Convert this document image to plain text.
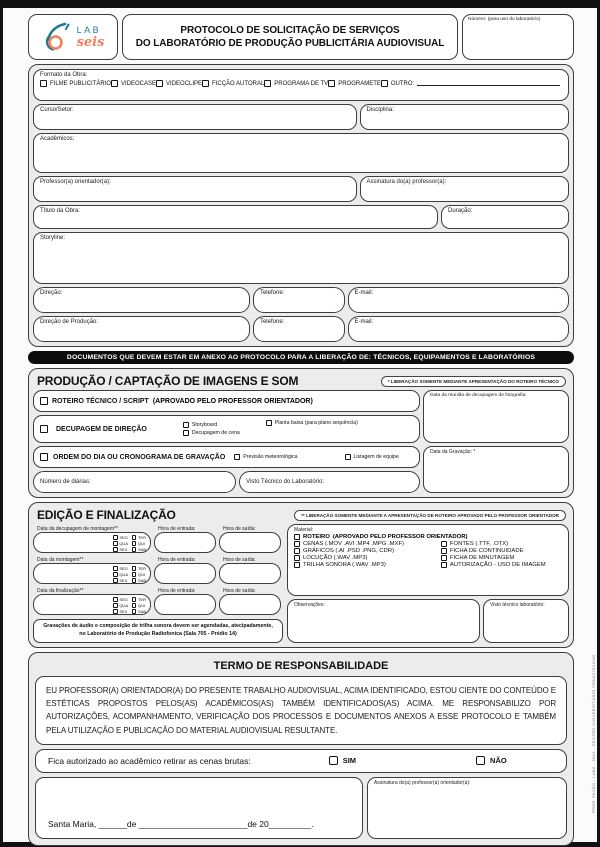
LAB
seis
PROTOCOLO DE SOLICITAÇÃO DE SERVIÇOS
DO LABORATÓRIO DE PRODUÇÃO PUBLICITÁRIA AUDIOVISUAL
Número: (para uso do laboratório)
Formato da Obra:
FILME PUBLICITÁRIO VIDEOCASE VIDEOCLIPE FICÇÃO AUTORAL PROGRAMA DE TV PROGRAMETE OUTRO:
Curso/Setor:	Disciplina:
Acadêmicos:
Professor(a) orientador(a):	Assinatura do(a) professor(a):
Título da Obra:	Duração:
Storyline:
Direção:	Telefone:	E-mail:
Direção de Produção:	Telefone:	E-mail:
DOCUMENTOS QUE DEVEM ESTAR EM ANEXO AO PROTOCOLO PARA A LIBERAÇÃO DE: TÉCNICOS, EQUIPAMENTOS E LABORATÓRIOS
PRODUÇÃO / CAPTAÇÃO DE IMAGENS E SOM	* LIBERAÇÃO SOMENTE MEDIANTE APRESENTAÇÃO DO ROTEIRO TÉCNICO
ROTEIRO TÉCNICO / SCRIPT (APROVADO PELO PROFESSOR ORIENTADOR)
DECUPAGEM DE DIREÇÃO
Storyboard
Decupagem de cena
Planta baixa (para plano sequência)
ORDEM DO DIA OU CRONOGRAMA DE GRAVAÇÃO	Previsão meteorológica	Listagem de equipe
Número de diárias:	Visto Técnico do Laboratório:
Data da reunião de decupagem de fotografia:
Data da Gravação: *
EDIÇÃO E FINALIZAÇÃO	** LIBERAÇÃO SOMENTE MEDIANTE A APRESENTAÇÃO DE ROTEIRO APROVADO PELO PROFESSOR ORIENTADOR
Data da decupagem de montagem**	Hora de entrada:	Hora de saída:
SEG	TER
QUA	QUI
SEX	SAB
Data da montagem**	Hora de entrada:	Hora de saída:
SEG	TER
QUA	QUI
SEX	SAB
Data da finalização**	Hora de entrada:	Hora de saída:
SEG	TER
QUA	QUI
SEX	SAB
Gravações de áudio e composição de trilha sonora devem ser agendadas, atecipadamente,
no Laboratório de Produção Radiofonica (Sala 705 - Prédio 14)
Material:
ROTEIRO (APROVADO PELO PROFESSOR ORIENTADOR)
CENAS (.MOV .AVI .MP4 .MPG .MXF)	FONTES (.TTF, .OTX)
GRÁFICOS (.AI .PSD .PNG, CDR)	FICHA DE CONTINUIDADE
LOCUÇÃO (.WAV .MP3)	FICHA DE MINUTAGEM
TRILHA SONORA (.WAV .MP3)	AUTORIZAÇÃO - USO DE IMAGEM
Observações:	Visto técnico laboratório:
TERMO DE RESPONSABILIDADE
EU PROFESSOR(A) ORIENTADOR(A) DO PRESENTE TRABALHO AUDIOVISUAL, ACIMA IDENTIFICADO, ESTOU CIENTE DO CONTEÚDO E ESTÉTICAS PROPOSTOS PELOS(AS) ACADÊMICOS(AS) TAMBÉM IDENTIFICADOS(AS) ACIMA. ME RESPONSABILIZO POR AUTORIZAÇÕES, ACOMPANHAMENTO, VERIFICAÇÃO DOS PROCESSOS E DOCUMENTOS ANEXOS A ESSE PROTOCOLO E TAMBÉM PELA UTILIZAÇÃO E PUBLICAÇÃO DO MATERIAL AUDIOVISUAL RESULTANTE.
Fica autorizado ao acadêmico retirar as cenas brutas:	SIM	NÃO
Santa Maria, ______de _______________________de 20_________.
Assinatura do(a) professor(a) orientador(a):	PROF. PAVÃO - LAB6 - 2016 - CENTRO UNIVERSITÁRIO FRANCISCANO
